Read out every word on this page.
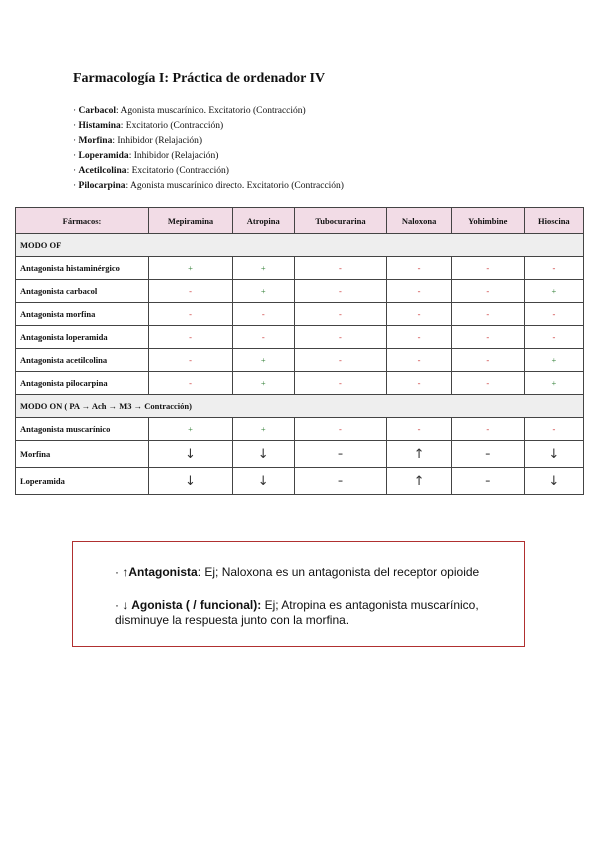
Farmacología I: Práctica de ordenador IV
· Carbacol: Agonista muscarínico. Excitatorio (Contracción)
· Histamina: Excitatorio (Contracción)
· Morfina: Inhibidor (Relajación)
· Loperamida: Inhibidor (Relajación)
· Acetilcolina: Excitatorio (Contracción)
· Pilocarpina: Agonista muscarínico directo. Excitatorio (Contracción)
Fármacos:	Mepiramina	Atropina	Tubocurarina	Naloxona	Yohimbine	Hioscina
MODO OF						
Antagonista histaminérgico	+	+	-	-	-	-
Antagonista carbacol	-	+	-	-	-	+
Antagonista morfina	-	-	-	-	-	-
Antagonista loperamida	-	-	-	-	-	-
Antagonista acetilcolina	-	+	-	-	-	+
Antagonista pilocarpina	-	+	-	-	-	+
MODO ON ( PA → Ach → M3 → Contracción)						
Antagonista muscarínico	+	+	-	-	-	-
Morfina	↓	↓	=	↑	=	↓
Loperamida	↓	↓	=	↑	=	↓
· ↑Antagonista: Ej; Naloxona es un antagonista del receptor opioide
· ↓ Agonista ( / funcional): Ej; Atropina es antagonista muscarínico, disminuye la respuesta junto con la morfina.
